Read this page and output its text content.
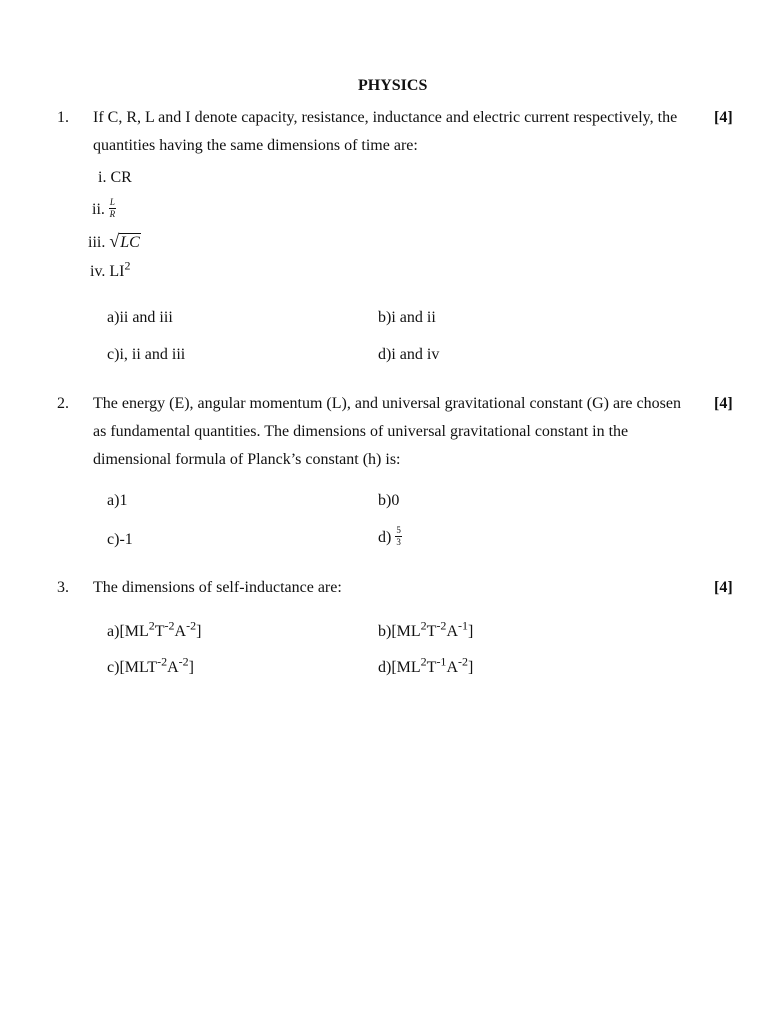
PHYSICS
1. If C, R, L and I denote capacity, resistance, inductance and electric current respectively, the quantities having the same dimensions of time are:
[4]
i. CR
ii. $\frac{L}{R}$
iii. √LC
iv. $LI^2$
a)ii and iii	b)i and ii
c)i, ii and iii	d)i and iv
2. The energy (E), angular momentum (L), and universal gravitational constant (G) are chosen as fundamental quantities. The dimensions of universal gravitational constant in the dimensional formula of Planck’s constant (h) is:
[4]
a)1	b)0
c)-1	$d) \frac{5}{3}$
3. The dimensions of self-inductance are:	[4]
$a)[ML^2T^{-2}A^{-2}]$	$b)[ML^2T^{-2}A^{-1}]$
$c)[MLT^{-2}A^{-2}]$	$d)[ML^2T^{-1}A^{-2}]$
